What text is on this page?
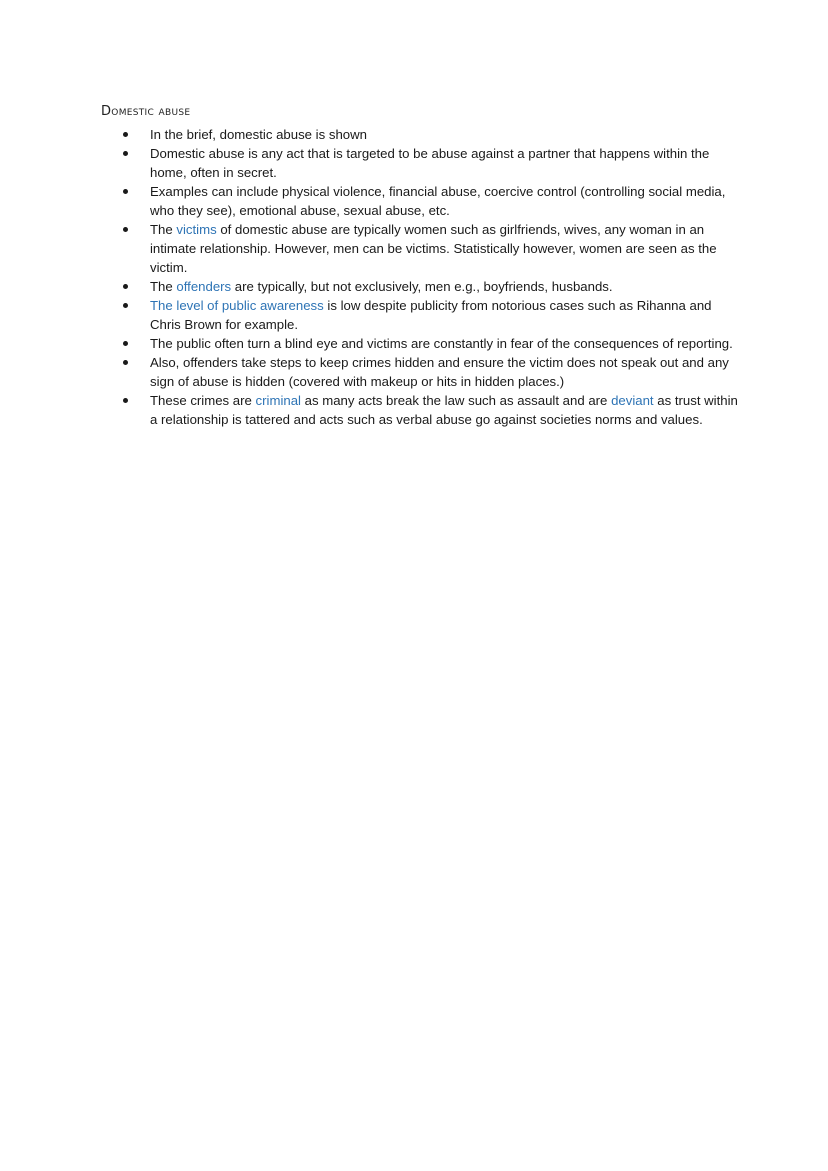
Domestic abuse
In the brief, domestic abuse is shown
Domestic abuse is any act that is targeted to be abuse against a partner that happens within the home, often in secret.
Examples can include physical violence, financial abuse, coercive control (controlling social media, who they see), emotional abuse, sexual abuse, etc.
The victims of domestic abuse are typically women such as girlfriends, wives, any woman in an intimate relationship. However, men can be victims. Statistically however, women are seen as the victim.
The offenders are typically, but not exclusively, men e.g., boyfriends, husbands.
The level of public awareness is low despite publicity from notorious cases such as Rihanna and Chris Brown for example.
The public often turn a blind eye and victims are constantly in fear of the consequences of reporting.
Also, offenders take steps to keep crimes hidden and ensure the victim does not speak out and any sign of abuse is hidden (covered with makeup or hits in hidden places.)
These crimes are criminal as many acts break the law such as assault and are deviant as trust within a relationship is tattered and acts such as verbal abuse go against societies norms and values.
